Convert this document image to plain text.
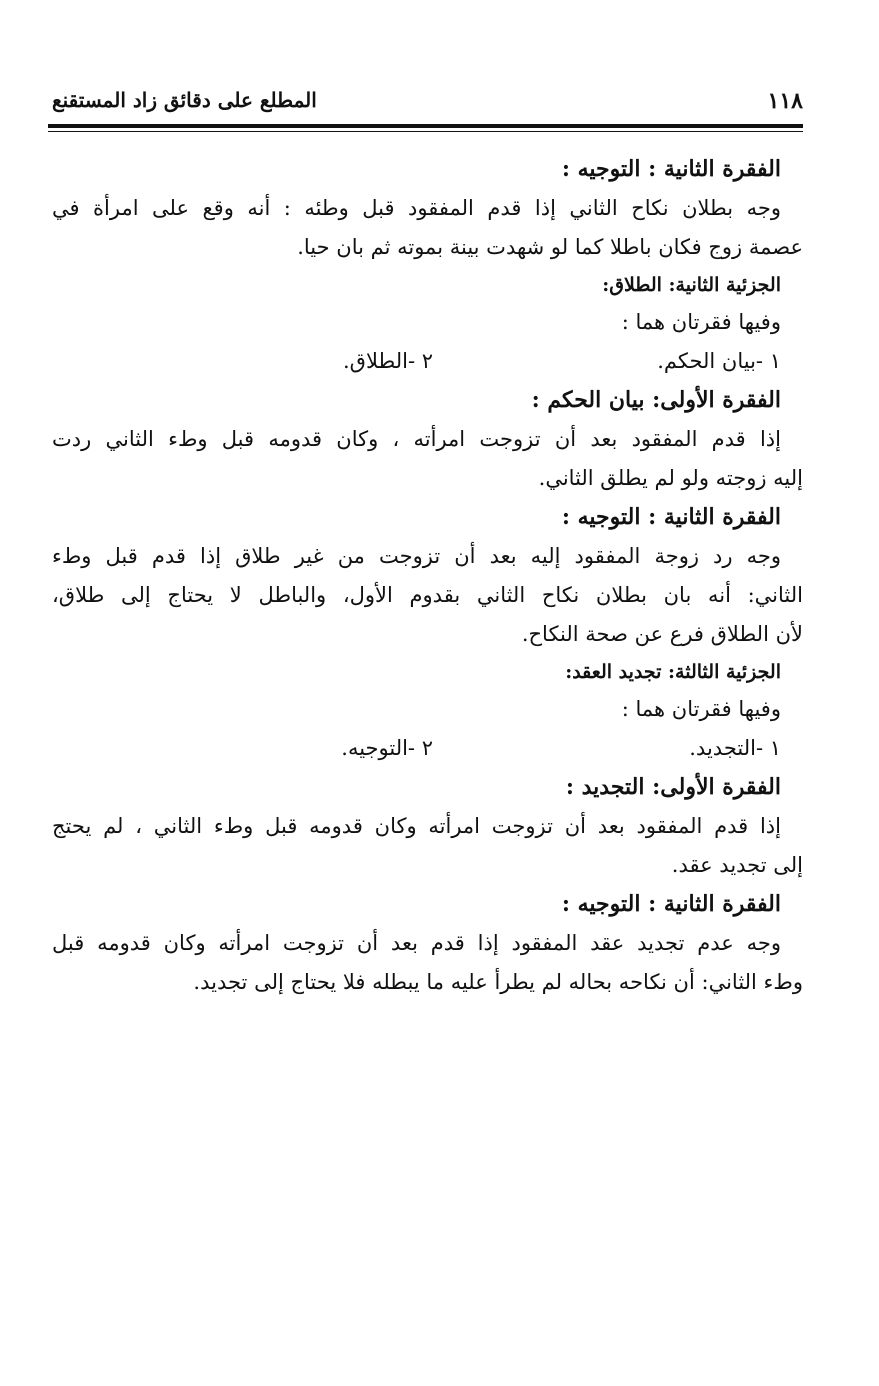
١١٨
المطلع على دقائق زاد المستقنع
الفقرة الثانية : التوجيه :
وجه بطلان نكاح الثاني إذا قدم المفقود قبل وطئه : أنه وقع على امرأة في
عصمة زوج فكان باطلا كما لو شهدت بينة بموته ثم بان حيا.
الجزئية الثانية: الطلاق:
وفيها فقرتان هما :
١ -بيان الحكم.
٢ -الطلاق.
الفقرة الأولى: بيان الحكم :
إذا قدم المفقود بعد أن تزوجت امرأته ، وكان قدومه قبل وطء الثاني ردت
إليه زوجته ولو لم يطلق الثاني.
الفقرة الثانية : التوجيه :
وجه رد زوجة المفقود إليه بعد أن تزوجت من غير طلاق إذا قدم قبل وطء
الثاني: أنه بان بطلان نكاح الثاني بقدوم الأول، والباطل لا يحتاج إلى طلاق،
لأن الطلاق فرع عن صحة النكاح.
الجزئية الثالثة: تجديد العقد:
وفيها فقرتان هما :
١ -التجديد.
٢ -التوجيه.
الفقرة الأولى: التجديد :
إذا قدم المفقود بعد أن تزوجت امرأته وكان قدومه قبل وطء الثاني ، لم يحتج
إلى تجديد عقد.
الفقرة الثانية : التوجيه :
وجه عدم تجديد عقد المفقود إذا قدم بعد أن تزوجت امرأته وكان قدومه قبل
وطء الثاني: أن نكاحه بحاله لم يطرأ عليه ما يبطله فلا يحتاج إلى تجديد.
